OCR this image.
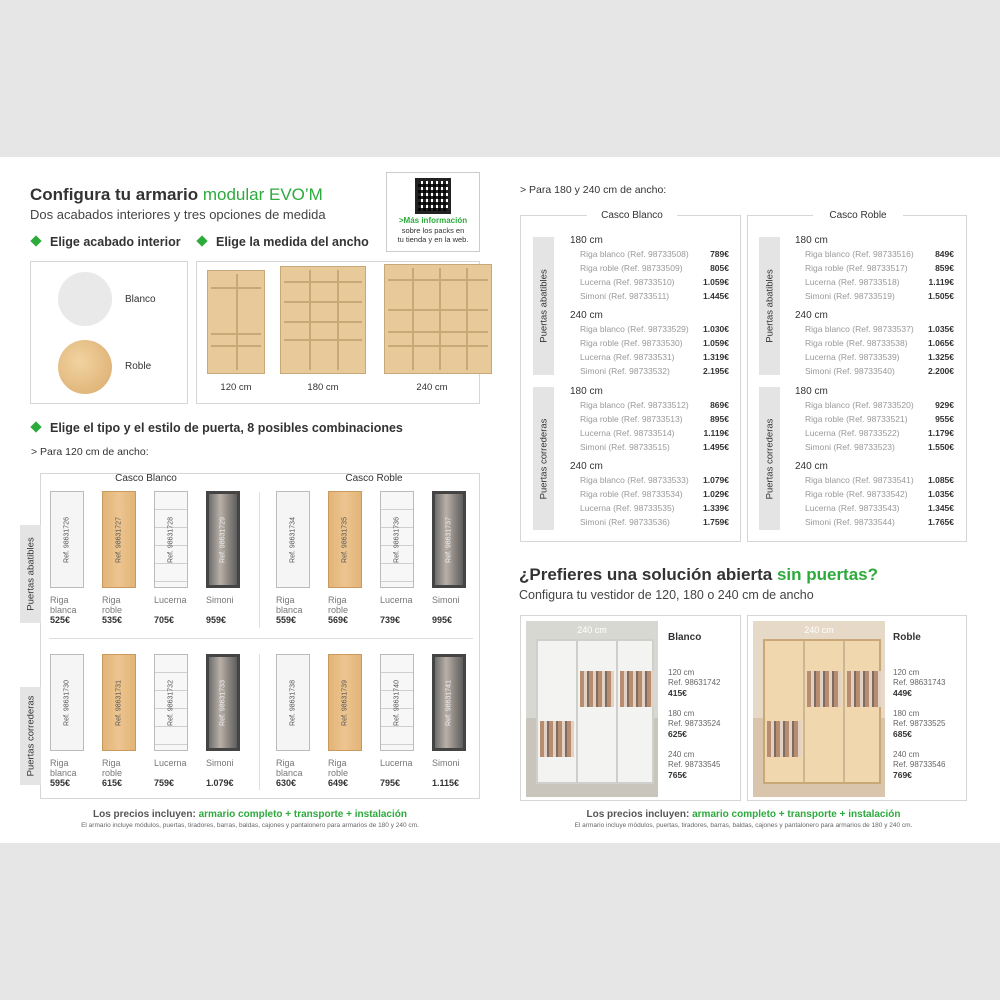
Configura tu armario modular EVO’M
Dos acabados interiores y tres opciones de medida	>Más información
sobre los packs en
tu tienda y en la web.
Elige acabado interior	Elige la medida del ancho
Blanco
Roble
120 cm	180 cm	240 cm
Elige el tipo y el estilo de puerta, 8 posibles combinaciones
> Para 120 cm de ancho:
Casco Blanco	Casco Roble
Puertas abatibles
Puertas correderas
Los precios incluyen: armario completo + transporte + instalación
El armario incluye módulos, puertas, tiradores, barras, baldas, cajones y pantalonero para armarios de 180 y 240 cm.
> Para 180 y 240 cm de ancho:
Casco Blanco	Casco Roble
Puertas abatibles
Puertas correderas
Puertas abatibles
Puertas correderas
¿Prefieres una solución abierta sin puertas?
Configura tu vestidor de 120, 180 o 240 cm de ancho
240 cm
Blanco
120 cm
Ref. 98631742
415€
180 cm
Ref. 98733524
625€
240 cm
Ref. 98733545
765€
240 cm
Roble
120 cm
Ref. 98631743
449€
180 cm
Ref. 98733525
685€
240 cm
Ref. 98733546
769€
Los precios incluyen: armario completo + transporte + instalación
El armario incluye módulos, puertas, tiradores, barras, baldas, cajones y pantalonero para armarios de 180 y 240 cm.
Ref. 98631726
Riga
blanca
525€
Ref. 98631727
Riga
roble
535€
Ref. 98631728
Lucerna
705€
Ref. 98631729
Simoni
959€
Ref. 98631734
Riga
blanca
559€
Ref. 98631735
Riga
roble
569€
Ref. 98631736
Lucerna
739€
Ref. 98631737
Simoni
995€
Ref. 98631730
Riga
blanca
595€
Ref. 98631731
Riga
roble
615€
Ref. 98631732
Lucerna
759€
Ref. 98631733
Simoni
1.079€
Ref. 98631738
Riga
blanca
630€
Ref. 98631739
Riga
roble
649€
Ref. 98631740
Lucerna
795€
Ref. 98631741
Simoni
1.115€
180 cm
Riga blanco (Ref. 98733508)	789€
Riga roble (Ref. 98733509)	805€
Lucerna (Ref. 98733510)	1.059€
Simoni (Ref. 98733511)	1.445€
240 cm
Riga blanco (Ref. 98733529)	1.030€
Riga roble (Ref. 98733530)	1.059€
Lucerna (Ref. 98733531)	1.319€
Simoni (Ref. 98733532)	2.195€
180 cm
Riga blanco (Ref. 98733512)	869€
Riga roble (Ref. 98733513)	895€
Lucerna (Ref. 98733514)	1.119€
Simoni (Ref. 98733515)	1.495€
240 cm
Riga blanco (Ref. 98733533)	1.079€
Riga roble (Ref. 98733534)	1.029€
Lucerna (Ref. 98733535)	1.339€
Simoni (Ref. 98733536)	1.759€
180 cm
Riga blanco (Ref. 98733516)	849€
Riga roble (Ref. 98733517)	859€
Lucerna (Ref. 98733518)	1.119€
Simoni (Ref. 98733519)	1.505€
240 cm
Riga blanco (Ref. 98733537)	1.035€
Riga roble (Ref. 98733538)	1.065€
Lucerna (Ref. 98733539)	1.325€
Simoni (Ref. 98733540)	2.200€
180 cm
Riga blanco (Ref. 98733520)	929€
Riga roble (Ref. 98733521)	955€
Lucerna (Ref. 98733522)	1.179€
Simoni (Ref. 98733523)	1.550€
240 cm
Riga blanco (Ref. 98733541)	1.085€
Riga roble (Ref. 98733542)	1.035€
Lucerna (Ref. 98733543)	1.345€
Simoni (Ref. 98733544)	1.765€
